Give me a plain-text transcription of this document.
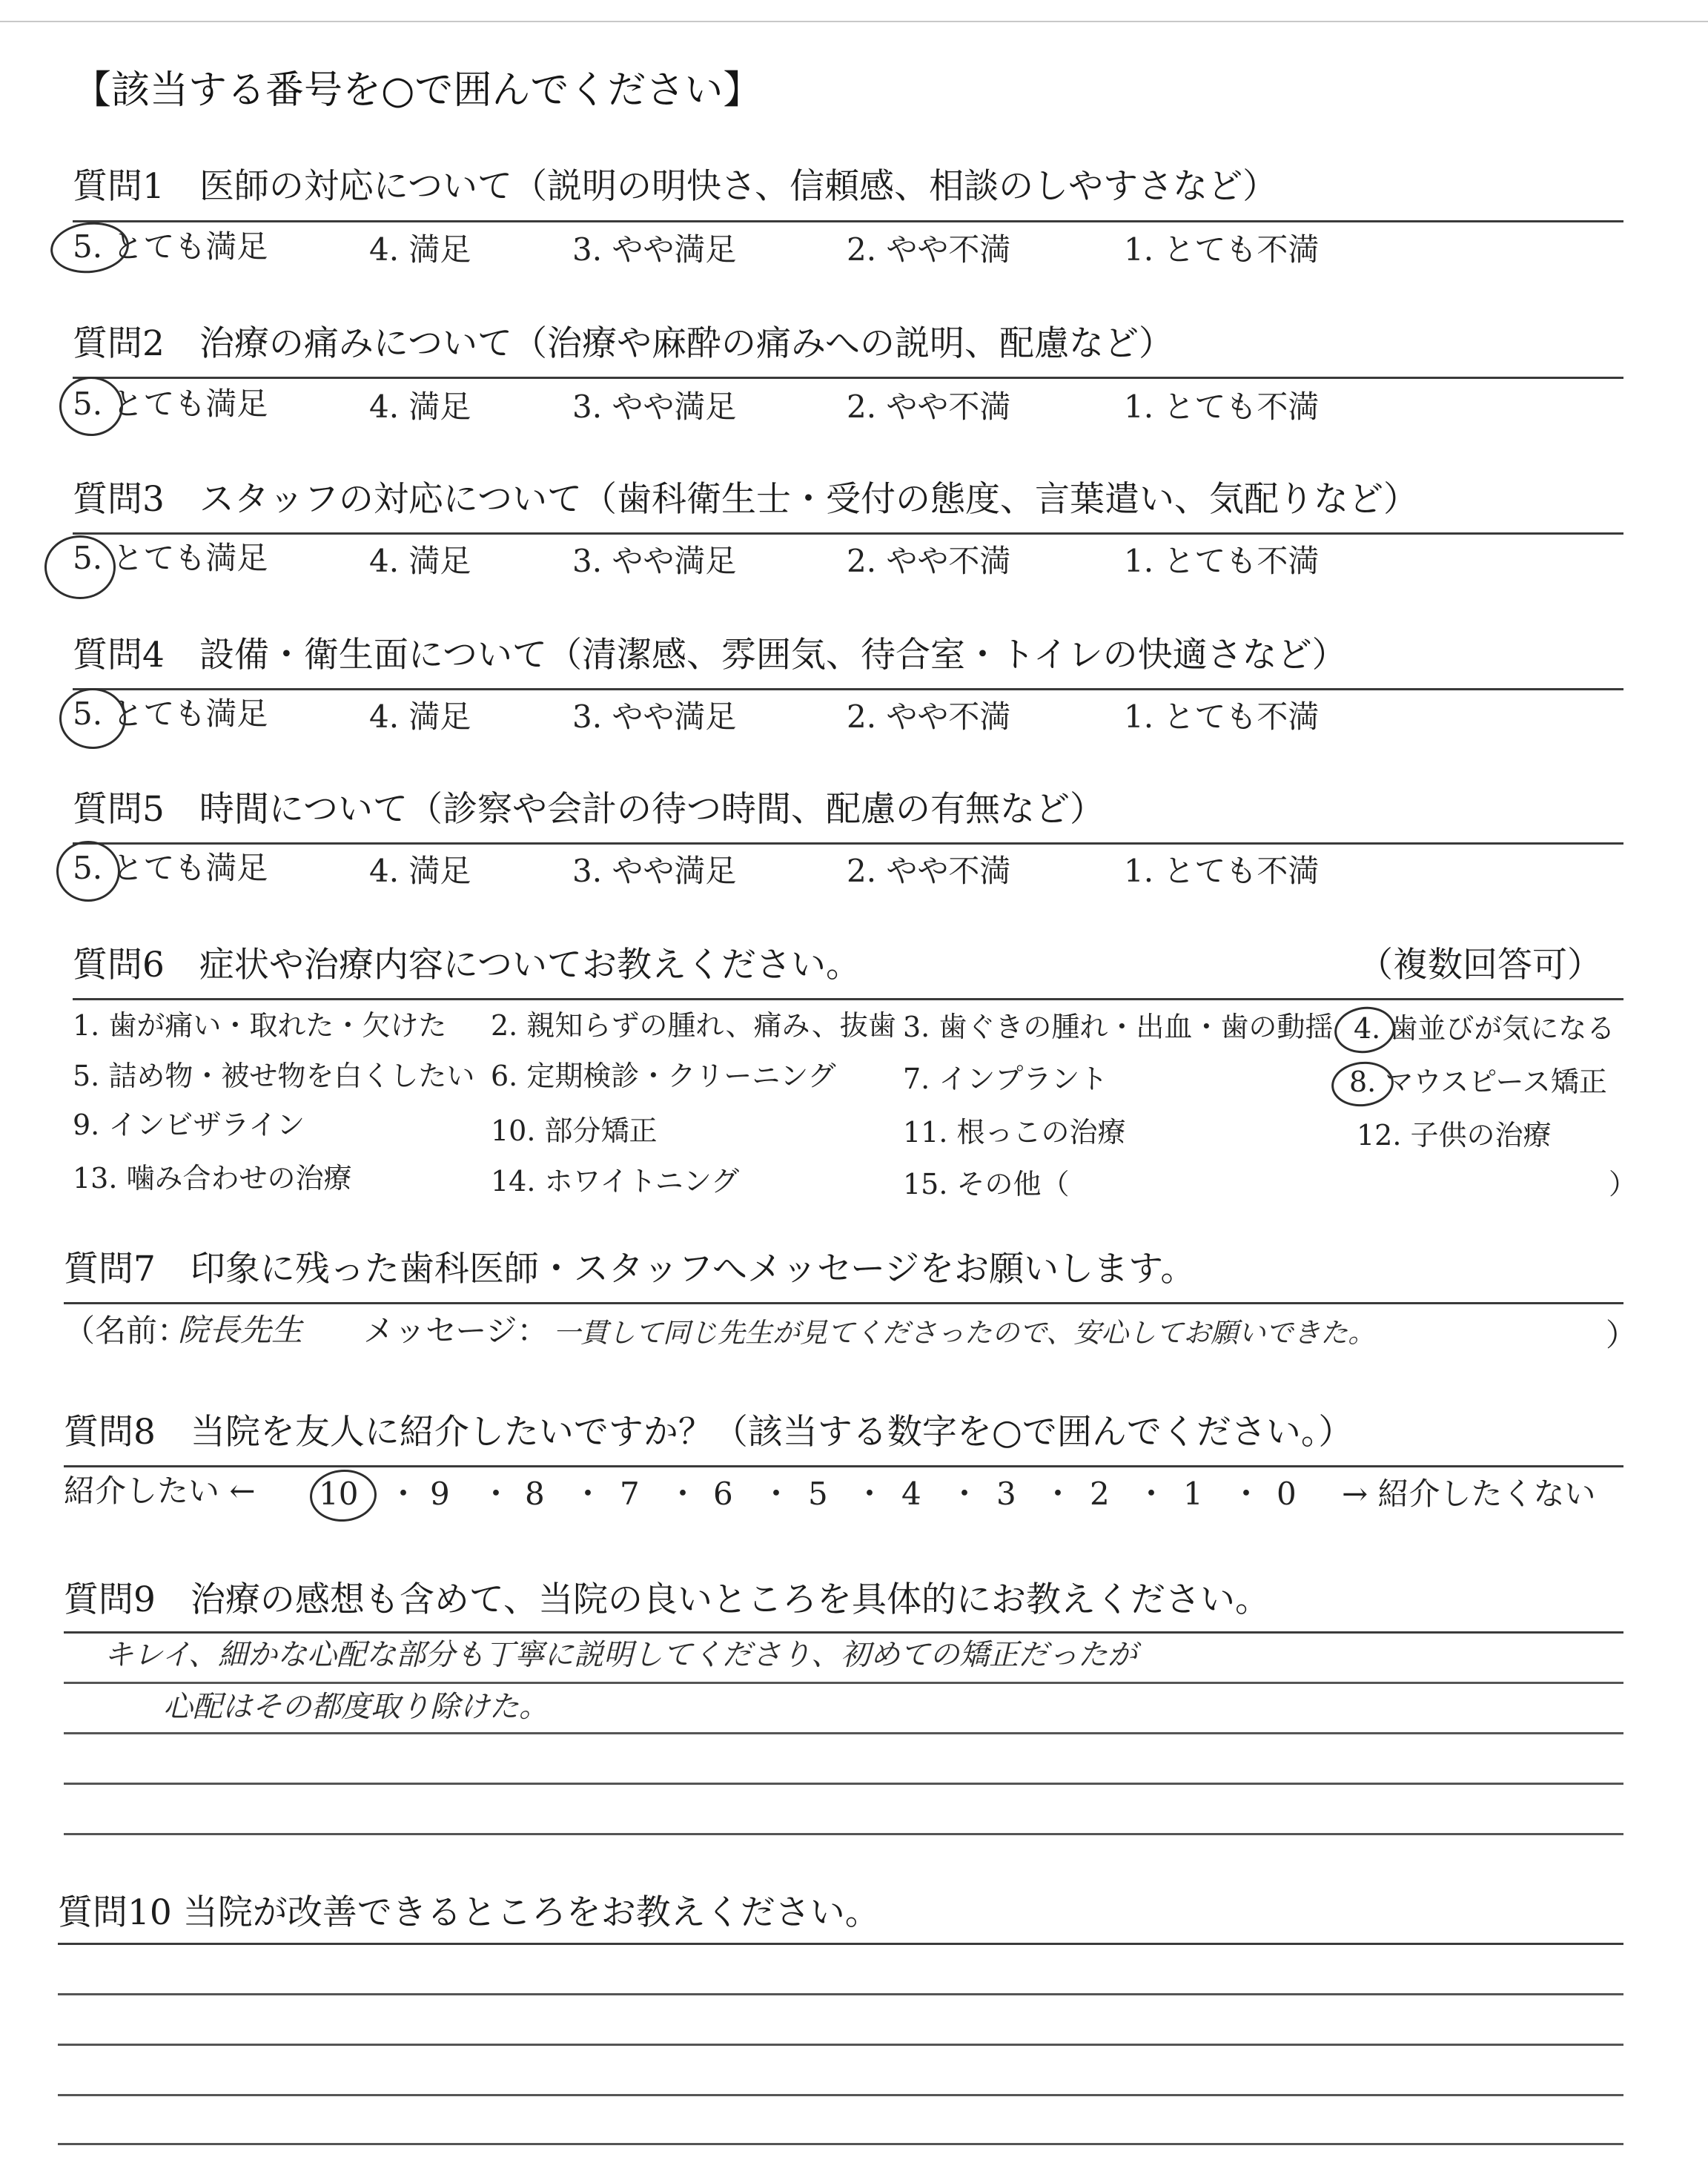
【該当する番号を○で囲んでください】
質問1　医師の対応について（説明の明快さ、信頼感、相談のしやすさなど）
5. とても満足	4. 満足	3. やや満足	2. やや不満	1. とても不満
質問2　治療の痛みについて（治療や麻酔の痛みへの説明、配慮など）
5. とても満足	4. 満足	3. やや満足	2. やや不満	1. とても不満
質問3　スタッフの対応について（歯科衛生士・受付の態度、言葉遣い、気配りなど）
5. とても満足	4. 満足	3. やや満足	2. やや不満	1. とても不満
質問4　設備・衛生面について（清潔感、雰囲気、待合室・トイレの快適さなど）
5. とても満足	4. 満足	3. やや満足	2. やや不満	1. とても不満
質問5　時間について（診察や会計の待つ時間、配慮の有無など）
5. とても満足	4. 満足	3. やや満足	2. やや不満	1. とても不満
質問6　症状や治療内容についてお教えください。	（複数回答可）
1. 歯が痛い・取れた・欠けた 2. 親知らずの腫れ、痛み、抜歯 3. 歯ぐきの腫れ・出血・歯の動揺 4. 歯並びが気になる
5. 詰め物・被せ物を白くしたい 6. 定期検診・クリーニング 7. インプラント	8. マウスピース矯正
9. インビザライン	10. 部分矯正	11. 根っこの治療	12. 子供の治療
13. 噛み合わせの治療	14. ホワイトニング	15. その他（	）
質問7　印象に残った歯科医師・スタッフへメッセージをお願いします。
（名前：
院長先生 メッセージ： 一貫して同じ先生が見てくださったので、安心してお願いできた。	）
質問8　当院を友人に紹介したいですか？（該当する数字を○で囲んでください。）
紹介したい ←	→ 紹介したくない
10 ・ 9 ・ 8 ・ 7 ・ 6 ・ 5 ・ 4 ・ 3 ・ 2 ・ 1 ・ 0
質問9　治療の感想も含めて、当院の良いところを具体的にお教えください。
キレイ、細かな心配な部分も丁寧に説明してくださり、初めての矯正だったが
心配はその都度取り除けた。
質問10 当院が改善できるところをお教えください。
